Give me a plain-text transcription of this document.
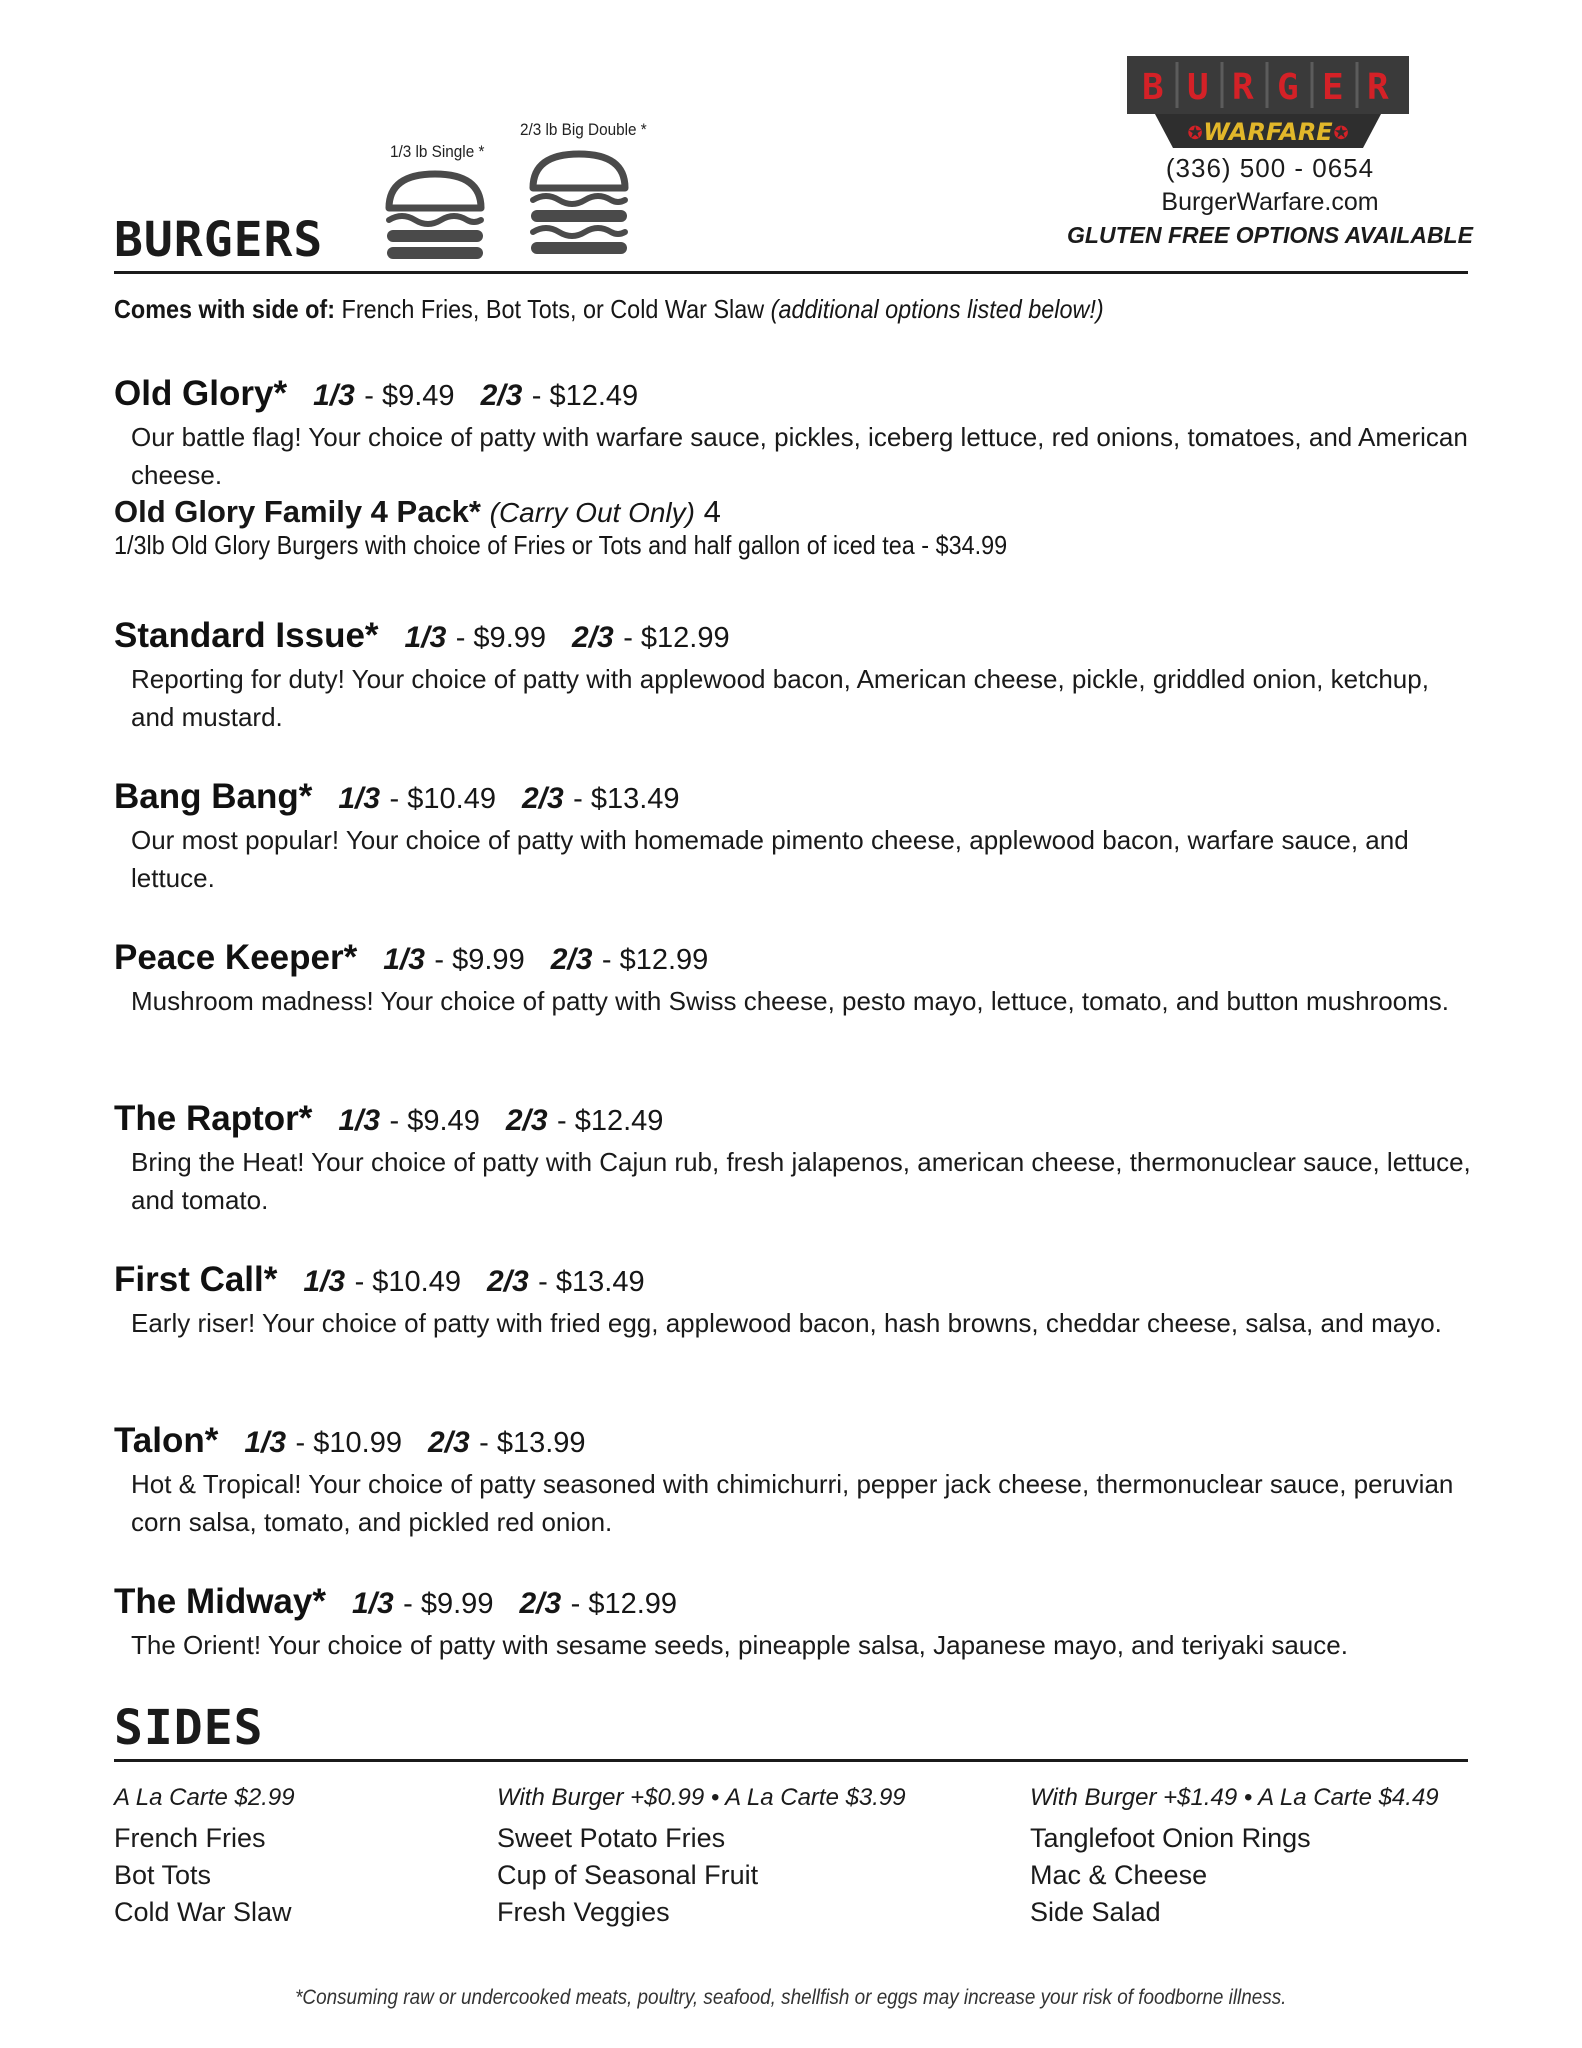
BURGERS
1/3 lb Single *
2/3 lb Big Double *
B U R G E R
WARFARE
✪	✪
(336) 500 - 0654
BurgerWarfare.com
GLUTEN FREE OPTIONS AVAILABLE
Comes with side of: French Fries, Bot Tots, or Cold War Slaw (additional options listed below!)
Old Glory* 1/3 - $9.49 2/3 - $12.49
Our battle flag! Your choice of patty with warfare sauce, pickles, iceberg lettuce, red onions, tomatoes, and American cheese.
Old Glory Family 4 Pack* (Carry Out Only) 4
1/3lb Old Glory Burgers with choice of Fries or Tots and half gallon of iced tea - $34.99
Standard Issue* 1/3 - $9.99 2/3 - $12.99
Reporting for duty! Your choice of patty with applewood bacon, American cheese, pickle, griddled onion, ketchup, and mustard.
Bang Bang* 1/3 - $10.49 2/3 - $13.49
Our most popular! Your choice of patty with homemade pimento cheese, applewood bacon, warfare sauce, and lettuce.
Peace Keeper* 1/3 - $9.99 2/3 - $12.99
Mushroom madness! Your choice of patty with Swiss cheese, pesto mayo, lettuce, tomato, and button mushrooms.
The Raptor* 1/3 - $9.49 2/3 - $12.49
Bring the Heat! Your choice of patty with Cajun rub, fresh jalapenos, american cheese, thermonuclear sauce, lettuce, and tomato.
First Call* 1/3 - $10.49 2/3 - $13.49
Early riser! Your choice of patty with fried egg, applewood bacon, hash browns, cheddar cheese, salsa, and mayo.
Talon* 1/3 - $10.99 2/3 - $13.99
Hot & Tropical! Your choice of patty seasoned with chimichurri, pepper jack cheese, thermonuclear sauce, peruvian corn salsa, tomato, and pickled red onion.
The Midway* 1/3 - $9.99 2/3 - $12.99
The Orient! Your choice of patty with sesame seeds, pineapple salsa, Japanese mayo, and teriyaki sauce.
SIDES
A La Carte $2.99
French Fries
Bot Tots
Cold War Slaw
With Burger +$0.99 • A La Carte $3.99
Sweet Potato Fries
Cup of Seasonal Fruit
Fresh Veggies
With Burger +$1.49 • A La Carte $4.49
Tanglefoot Onion Rings
Mac & Cheese
Side Salad
*Consuming raw or undercooked meats, poultry, seafood, shellfish or eggs may increase your risk of foodborne illness.
